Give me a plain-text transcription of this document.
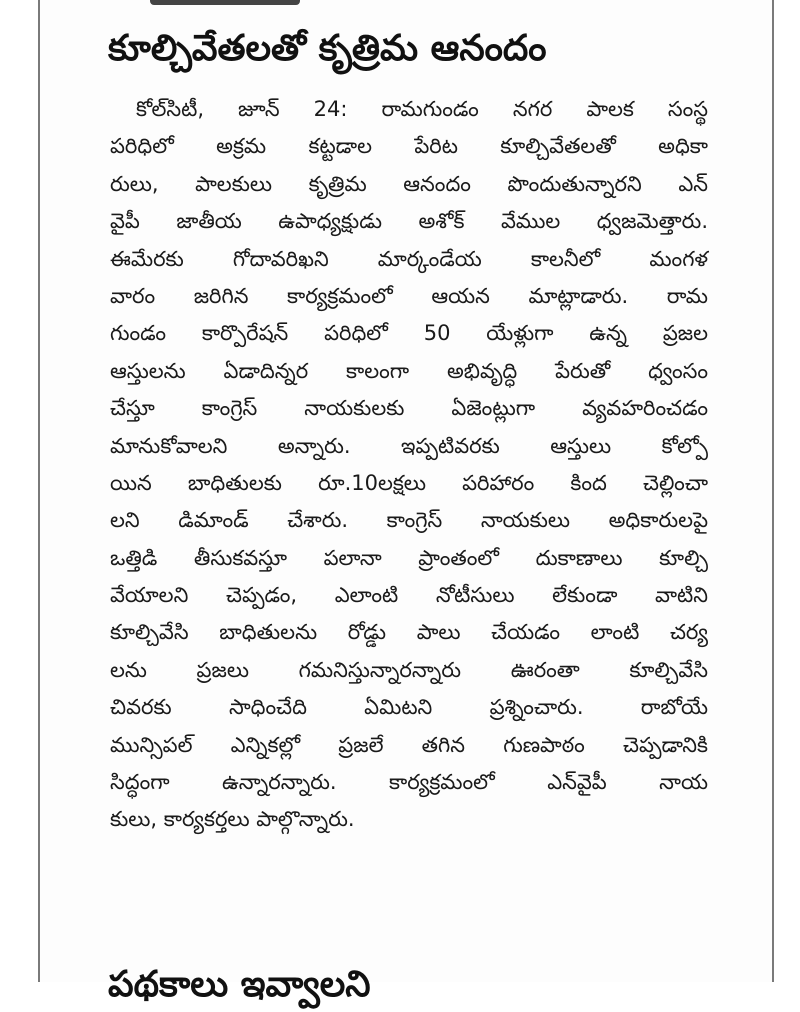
కూల్చివేతలతో కృత్రిమ ఆనందం
కోల్‌సిటీ, జూన్ 24: రామగుండం నగర పాలక సంస్థ
పరిధిలో అక్రమ కట్టడాల పేరిట కూల్చివేతలతో అధికా
రులు, పాలకులు కృత్రిమ ఆనందం పొందుతున్నారని ఎన్
వైపీ జాతీయ ఉపాధ్యక్షుడు అశోక్ వేముల ధ్వజమెత్తారు.
ఈమేరకు గోదావరిఖని మార్కండేయ కాలనీలో మంగళ
వారం జరిగిన కార్యక్రమంలో ఆయన మాట్లాడారు. రామ
గుండం కార్పొరేషన్ పరిధిలో 50 యేళ్లుగా ఉన్న ప్రజల
ఆస్తులను ఏడాదిన్నర కాలంగా అభివృద్ధి పేరుతో ధ్వంసం
చేస్తూ కాంగ్రెస్ నాయకులకు ఏజెంట్లుగా వ్యవహరించడం
మానుకోవాలని అన్నారు. ఇప్పటివరకు ఆస్తులు కోల్పో
యిన బాధితులకు రూ.10లక్షలు పరిహారం కింద చెల్లించా
లని డిమాండ్ చేశారు. కాంగ్రెస్ నాయకులు అధికారులపై
ఒత్తిడి తీసుకవస్తూ పలానా ప్రాంతంలో దుకాణాలు కూల్చి
వేయాలని చెప్పడం, ఎలాంటి నోటీసులు లేకుండా వాటిని
కూల్చివేసి బాధితులను రోడ్డు పాలు చేయడం లాంటి చర్య
లను ప్రజలు గమనిస్తున్నారన్నారు ఊరంతా కూల్చివేసి
చివరకు సాధించేది ఏమిటని ప్రశ్నించారు. రాబోయే
మున్సిపల్ ఎన్నికల్లో ప్రజలే తగిన గుణపాఠం చెప్పడానికి
సిద్ధంగా ఉన్నారన్నారు. కార్యక్రమంలో ఎన్‌వైపీ నాయ
కులు, కార్యకర్తలు పాల్గొన్నారు.
పథకాలు ఇవ్వాలని
